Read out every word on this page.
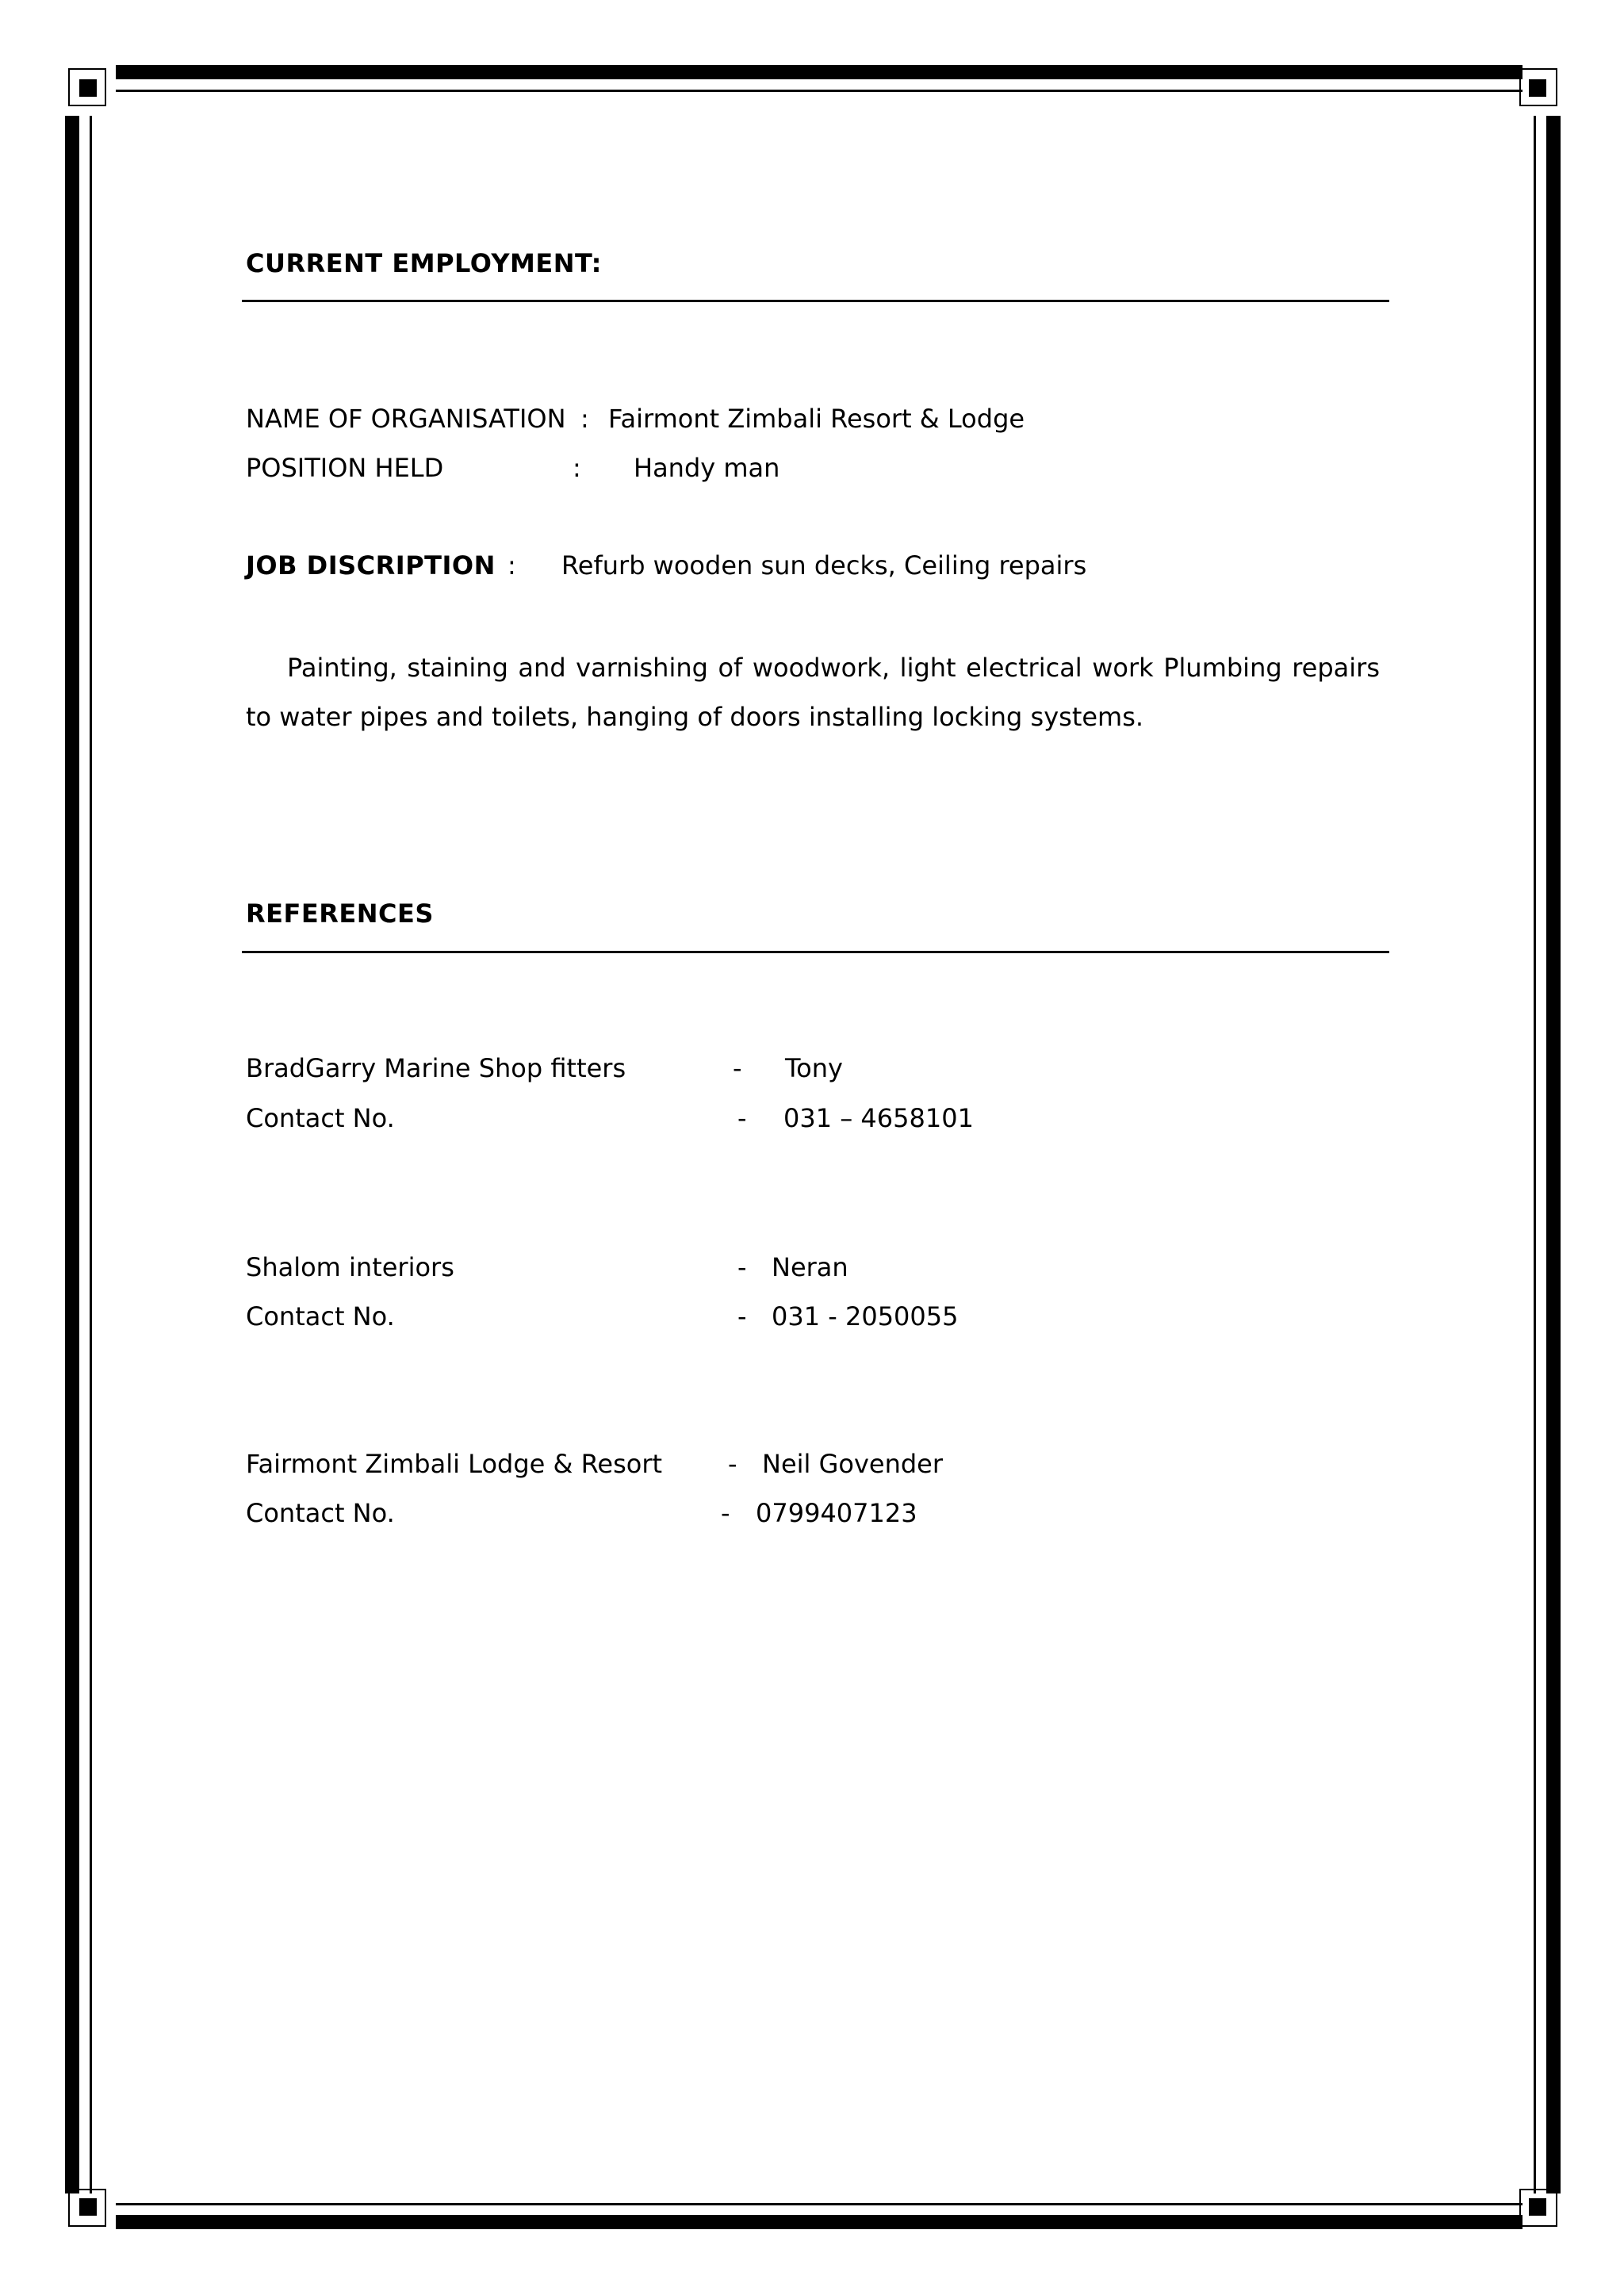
CURRENT EMPLOYMENT:
NAME OF ORGANISATION : Fairmont Zimbali Resort & Lodge
POSITION HELD	: Handy man
JOB DISCRIPTION : Refurb wooden sun decks, Ceiling repairs
Painting, staining and varnishing of woodwork, light electrical work Plumbing repairs to water pipes and toilets, hanging of doors installing locking systems.
REFERENCES
BradGarry Marine Shop fitters	- Tony
Contact No.	- 031 – 4658101
Shalom interiors	- Neran
Contact No.	- 031 - 2050055
Fairmont Zimbali Lodge & Resort	- Neil Govender
Contact No.	- 0799407123
